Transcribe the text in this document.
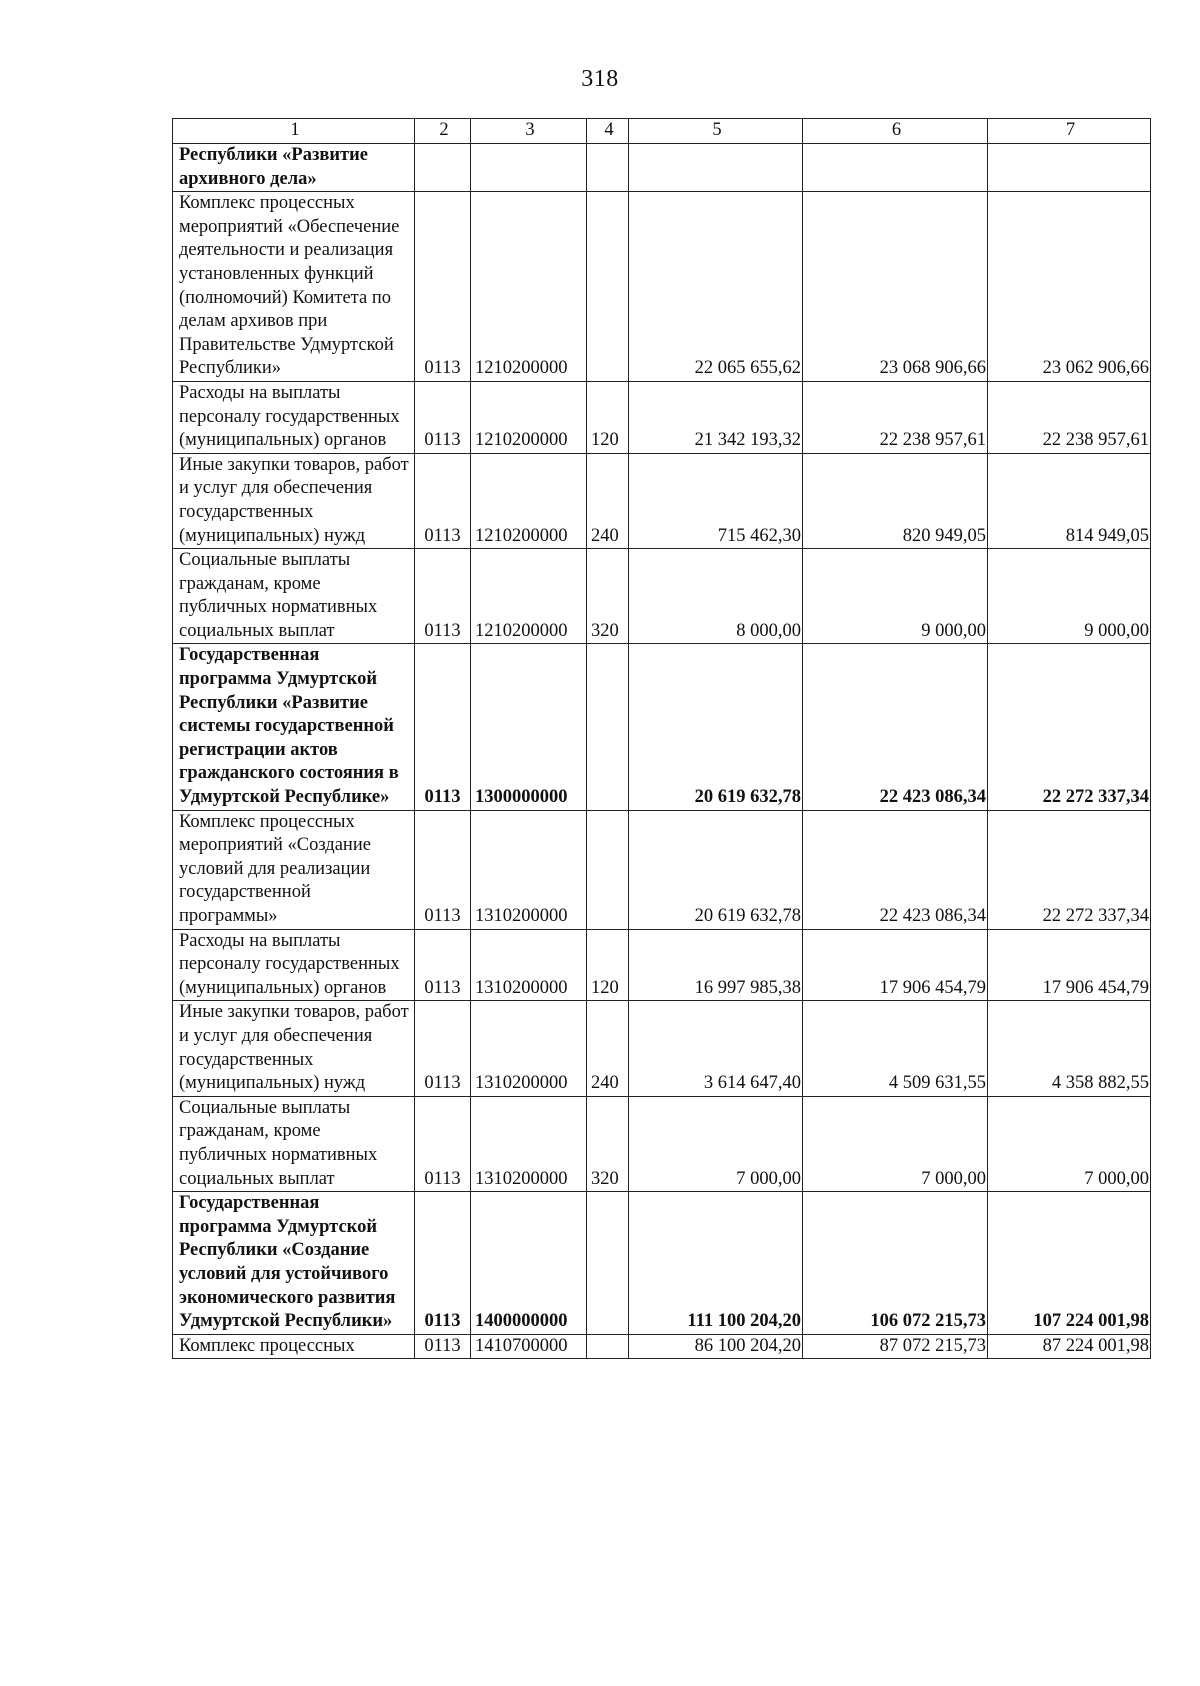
318
1	2	3	4	5	6	7
Республики «Развитие архивного дела»						
Комплекс процессных мероприятий «Обеспечение деятельности и реализация установленных функций (полномочий) Комитета по делам архивов при Правительстве Удмуртской Республики»	0113	1210200000		22 065 655,62	23 068 906,66	23 062 906,66
Расходы на выплаты персоналу государственных (муниципальных) органов	0113	1210200000	120	21 342 193,32	22 238 957,61	22 238 957,61
Иные закупки товаров, работ и услуг для обеспечения государственных (муниципальных) нужд	0113	1210200000	240	715 462,30	820 949,05	814 949,05
Социальные выплаты гражданам, кроме публичных нормативных социальных выплат	0113	1210200000	320	8 000,00	9 000,00	9 000,00
Государственная программа Удмуртской Республики «Развитие системы государственной регистрации актов гражданского состояния в Удмуртской Республике»	0113	1300000000		20 619 632,78	22 423 086,34	22 272 337,34
Комплекс процессных мероприятий «Создание условий для реализации государственной программы»	0113	1310200000		20 619 632,78	22 423 086,34	22 272 337,34
Расходы на выплаты персоналу государственных (муниципальных) органов	0113	1310200000	120	16 997 985,38	17 906 454,79	17 906 454,79
Иные закупки товаров, работ и услуг для обеспечения государственных (муниципальных) нужд	0113	1310200000	240	3 614 647,40	4 509 631,55	4 358 882,55
Социальные выплаты гражданам, кроме публичных нормативных социальных выплат	0113	1310200000	320	7 000,00	7 000,00	7 000,00
Государственная программа Удмуртской Республики «Создание условий для устойчивого экономического развития Удмуртской Республики»	0113	1400000000		111 100 204,20	106 072 215,73	107 224 001,98
Комплекс процессных	0113	1410700000		86 100 204,20	87 072 215,73	87 224 001,98
